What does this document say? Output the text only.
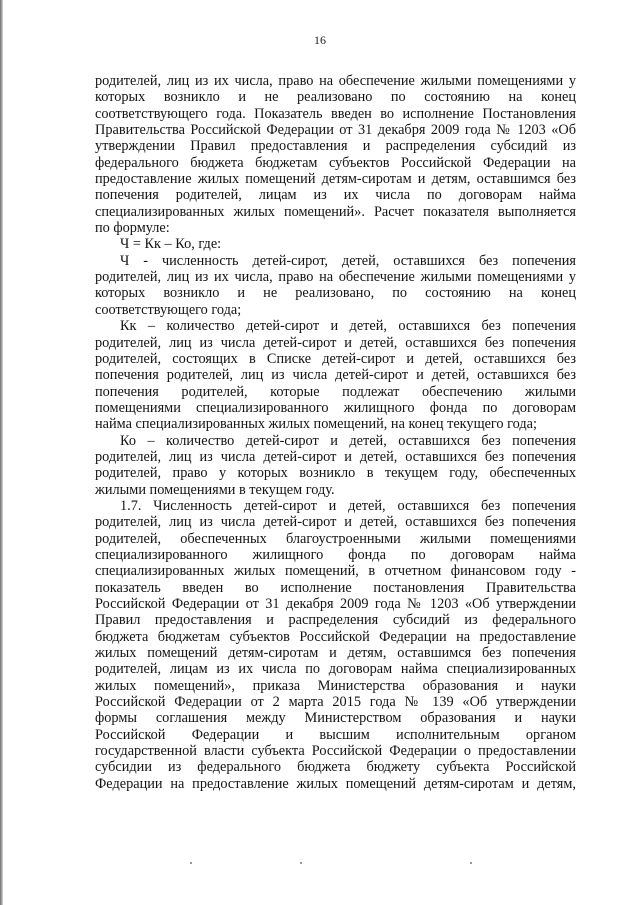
16
родителей, лиц из их числа, право на обеспечение жилыми помещениями у
которых возникло и не реализовано по состоянию на конец
соответствующего года. Показатель введен во исполнение Постановления
Правительства Российской Федерации от 31 декабря 2009 года № 1203 «Об
утверждении Правил предоставления и распределения субсидий из
федерального бюджета бюджетам субъектов Российской Федерации на
предоставление жилых помещений детям-сиротам и детям, оставшимся без
попечения родителей, лицам из их числа по договорам найма
специализированных жилых помещений». Расчет показателя выполняется
по формуле:
Ч = Кк – Ко, где:
Ч - численность детей-сирот, детей, оставшихся без попечения
родителей, лиц из их числа, право на обеспечение жилыми помещениями у
которых возникло и не реализовано, по состоянию на конец
соответствующего года;
Кк – количество детей-сирот и детей, оставшихся без попечения
родителей, лиц из числа детей-сирот и детей, оставшихся без попечения
родителей, состоящих в Списке детей-сирот и детей, оставшихся без
попечения родителей, лиц из числа детей-сирот и детей, оставшихся без
попечения родителей, которые подлежат обеспечению жилыми
помещениями специализированного жилищного фонда по договорам
найма специализированных жилых помещений, на конец текущего года;
Ко – количество детей-сирот и детей, оставшихся без попечения
родителей, лиц из числа детей-сирот и детей, оставшихся без попечения
родителей, право у которых возникло в текущем году, обеспеченных
жилыми помещениями в текущем году.
1.7. Численность детей-сирот и детей, оставшихся без попечения
родителей, лиц из числа детей-сирот и детей, оставшихся без попечения
родителей, обеспеченных благоустроенными жилыми помещениями
специализированного жилищного фонда по договорам найма
специализированных жилых помещений, в отчетном финансовом году -
показатель введен во исполнение постановления Правительства
Российской Федерации от 31 декабря 2009 года № 1203 «Об утверждении
Правил предоставления и распределения субсидий из федерального
бюджета бюджетам субъектов Российской Федерации на предоставление
жилых помещений детям-сиротам и детям, оставшимся без попечения
родителей, лицам из их числа по договорам найма специализированных
жилых помещений», приказа Министерства образования и науки
Российской Федерации от 2 марта 2015 года № 139 «Об утверждении
формы соглашения между Министерством образования и науки
Российской Федерации и высшим исполнительным органом
государственной власти субъекта Российской Федерации о предоставлении
субсидии из федерального бюджета бюджету субъекта Российской
Федерации на предоставление жилых помещений детям-сиротам и детям,
